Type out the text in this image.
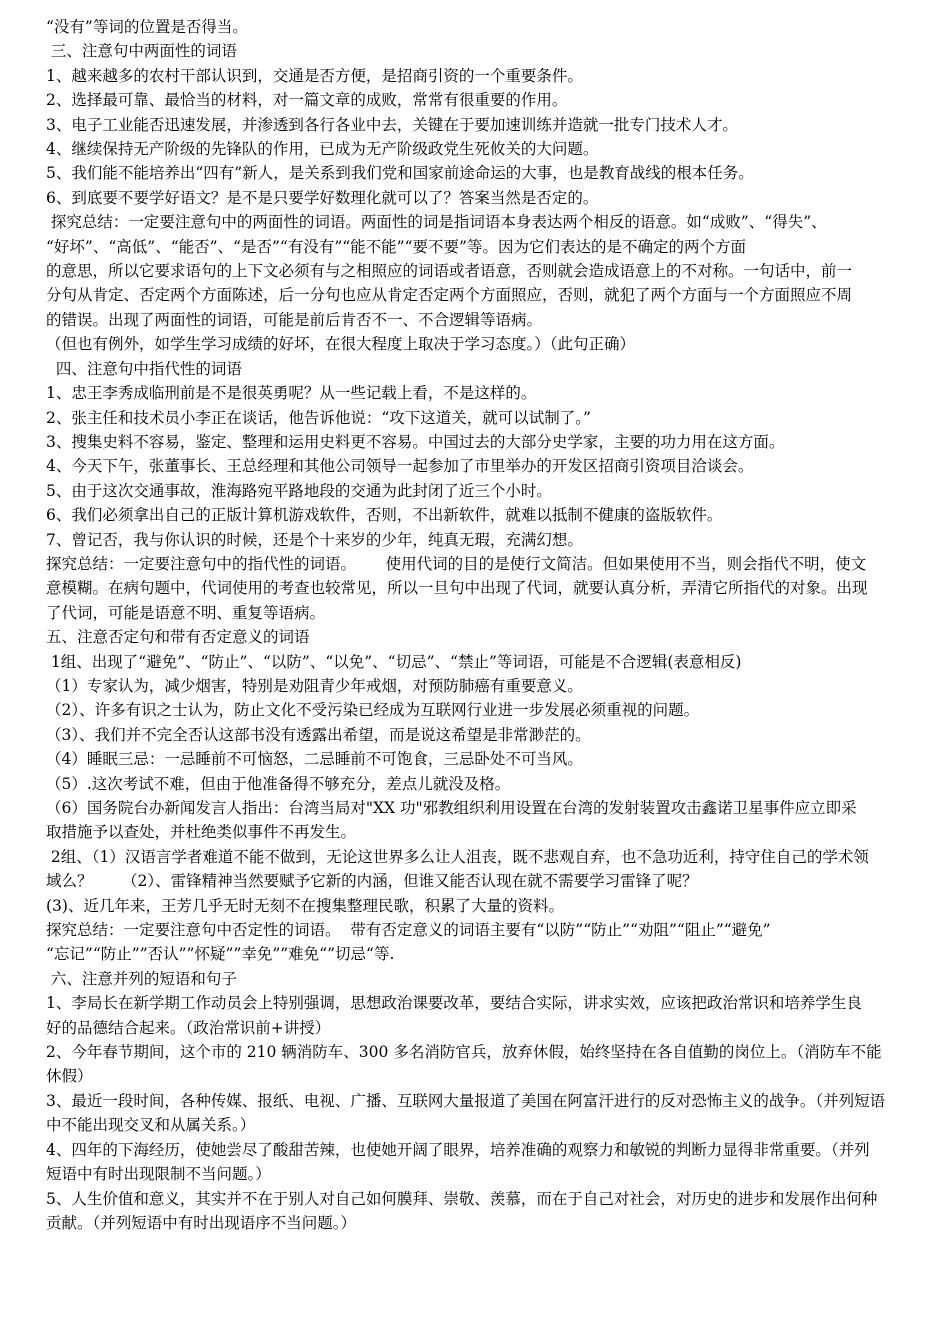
“没有”等词的位置是否得当。
三、注意句中两面性的词语
1、越来越多的农村干部认识到，交通是否方便，是招商引资的一个重要条件。
2、选择最可靠、最恰当的材料，对一篇文章的成败，常常有很重要的作用。
3、电子工业能否迅速发展，并渗透到各行各业中去，关键在于要加速训练并造就一批专门技术人才。
4、继续保持无产阶级的先锋队的作用，已成为无产阶级政党生死攸关的大问题。
5、我们能不能培养出“四有”新人，是关系到我们党和国家前途命运的大事，也是教育战线的根本任务。
6、到底要不要学好语文？是不是只要学好数理化就可以了？答案当然是否定的。
探究总结：一定要注意句中的两面性的词语。两面性的词是指词语本身表达两个相反的语意。如“成败”、“得失”、
“好坏”、“高低”、“能否”、“是否”“有没有”“能不能”“要不要”等。因为它们表达的是不确定的两个方面
的意思，所以它要求语句的上下文必须有与之相照应的词语或者语意，否则就会造成语意上的不对称。一句话中，前一
分句从肯定、否定两个方面陈述，后一分句也应从肯定否定两个方面照应，否则，就犯了两个方面与一个方面照应不周
的错误。出现了两面性的词语，可能是前后肯否不一、不合逻辑等语病。
（但也有例外，如学生学习成绩的好坏，在很大程度上取决于学习态度。）（此句正确）
四、注意句中指代性的词语
1、忠王李秀成临刑前是不是很英勇呢？从一些记载上看，不是这样的。
2、张主任和技术员小李正在谈话，他告诉他说：“攻下这道关，就可以试制了。”
3、搜集史料不容易，鉴定、整理和运用史料更不容易。中国过去的大部分史学家，主要的功力用在这方面。
4、今天下午，张董事长、王总经理和其他公司领导一起参加了市里举办的开发区招商引资项目洽谈会。
5、由于这次交通事故，淮海路宛平路地段的交通为此封闭了近三个小时。
6、我们必须拿出自己的正版计算机游戏软件，否则，不出新软件，就难以抵制不健康的盗版软件。
7、曾记否，我与你认识的时候，还是个十来岁的少年，纯真无瑕，充满幻想。
探究总结：一定要注意句中的指代性的词语。      使用代词的目的是使行文简洁。但如果使用不当，则会指代不明，使文
意模糊。在病句题中，代词使用的考查也较常见，所以一旦句中出现了代词，就要认真分析，弄清它所指代的对象。出现
了代词，可能是语意不明、重复等语病。
五、注意否定句和带有否定意义的词语
1组、出现了“避免”、“防止”、“以防”、“以免”、“切忌”、“禁止”等词语，可能是不合逻辑(表意相反)
（1）专家认为，减少烟害，特别是劝阻青少年戒烟，对预防肺癌有重要意义。
（2）、许多有识之士认为，防止文化不受污染已经成为互联网行业进一步发展必须重视的问题。
（3）、我们并不完全否认这部书没有透露出希望，而是说这希望是非常渺茫的。
（4）睡眠三忌：一忌睡前不可恼怒，二忌睡前不可饱食，三忌卧处不可当风。
（5）.这次考试不难，但由于他准备得不够充分，差点儿就没及格。
（6）国务院台办新闻发言人指出：台湾当局对"XX 功"邪教组织利用设置在台湾的发射装置攻击鑫诺卫星事件应立即采
取措施予以查处，并杜绝类似事件不再发生。
2组、（1）汉语言学者难道不能不做到，无论这世界多么让人沮丧，既不悲观自弃，也不急功近利，持守住自己的学术领
域么？      （2）、雷锋精神当然要赋予它新的内涵，但谁又能否认现在就不需要学习雷锋了呢？
(3)、近几年来，王芳几乎无时无刻不在搜集整理民歌，积累了大量的资料。
探究总结：一定要注意句中否定性的词语。  带有否定意义的词语主要有“以防”“防止”“劝阻”“阻止”“避免”
“忘记”“防止””否认””怀疑””幸免””难免“”切忌“等.
六、注意并列的短语和句子
1、李局长在新学期工作动员会上特别强调，思想政治课要改革，要结合实际，讲求实效，应该把政治常识和培养学生良
好的品德结合起来。（政治常识前+讲授）
2、今年春节期间，这个市的 210 辆消防车、300 多名消防官兵，放弃休假，始终坚持在各自值勤的岗位上。（消防车不能
休假）
3、最近一段时间，各种传媒、报纸、电视、广播、互联网大量报道了美国在阿富汗进行的反对恐怖主义的战争。（并列短语
中不能出现交叉和从属关系。）
4、四年的下海经历，使她尝尽了酸甜苦辣，也使她开阔了眼界，培养准确的观察力和敏锐的判断力显得非常重要。（并列
短语中有时出现限制不当问题。）
5、人生价值和意义，其实并不在于别人对自己如何膜拜、崇敬、羡慕，而在于自己对社会，对历史的进步和发展作出何种
贡献。（并列短语中有时出现语序不当问题。）
